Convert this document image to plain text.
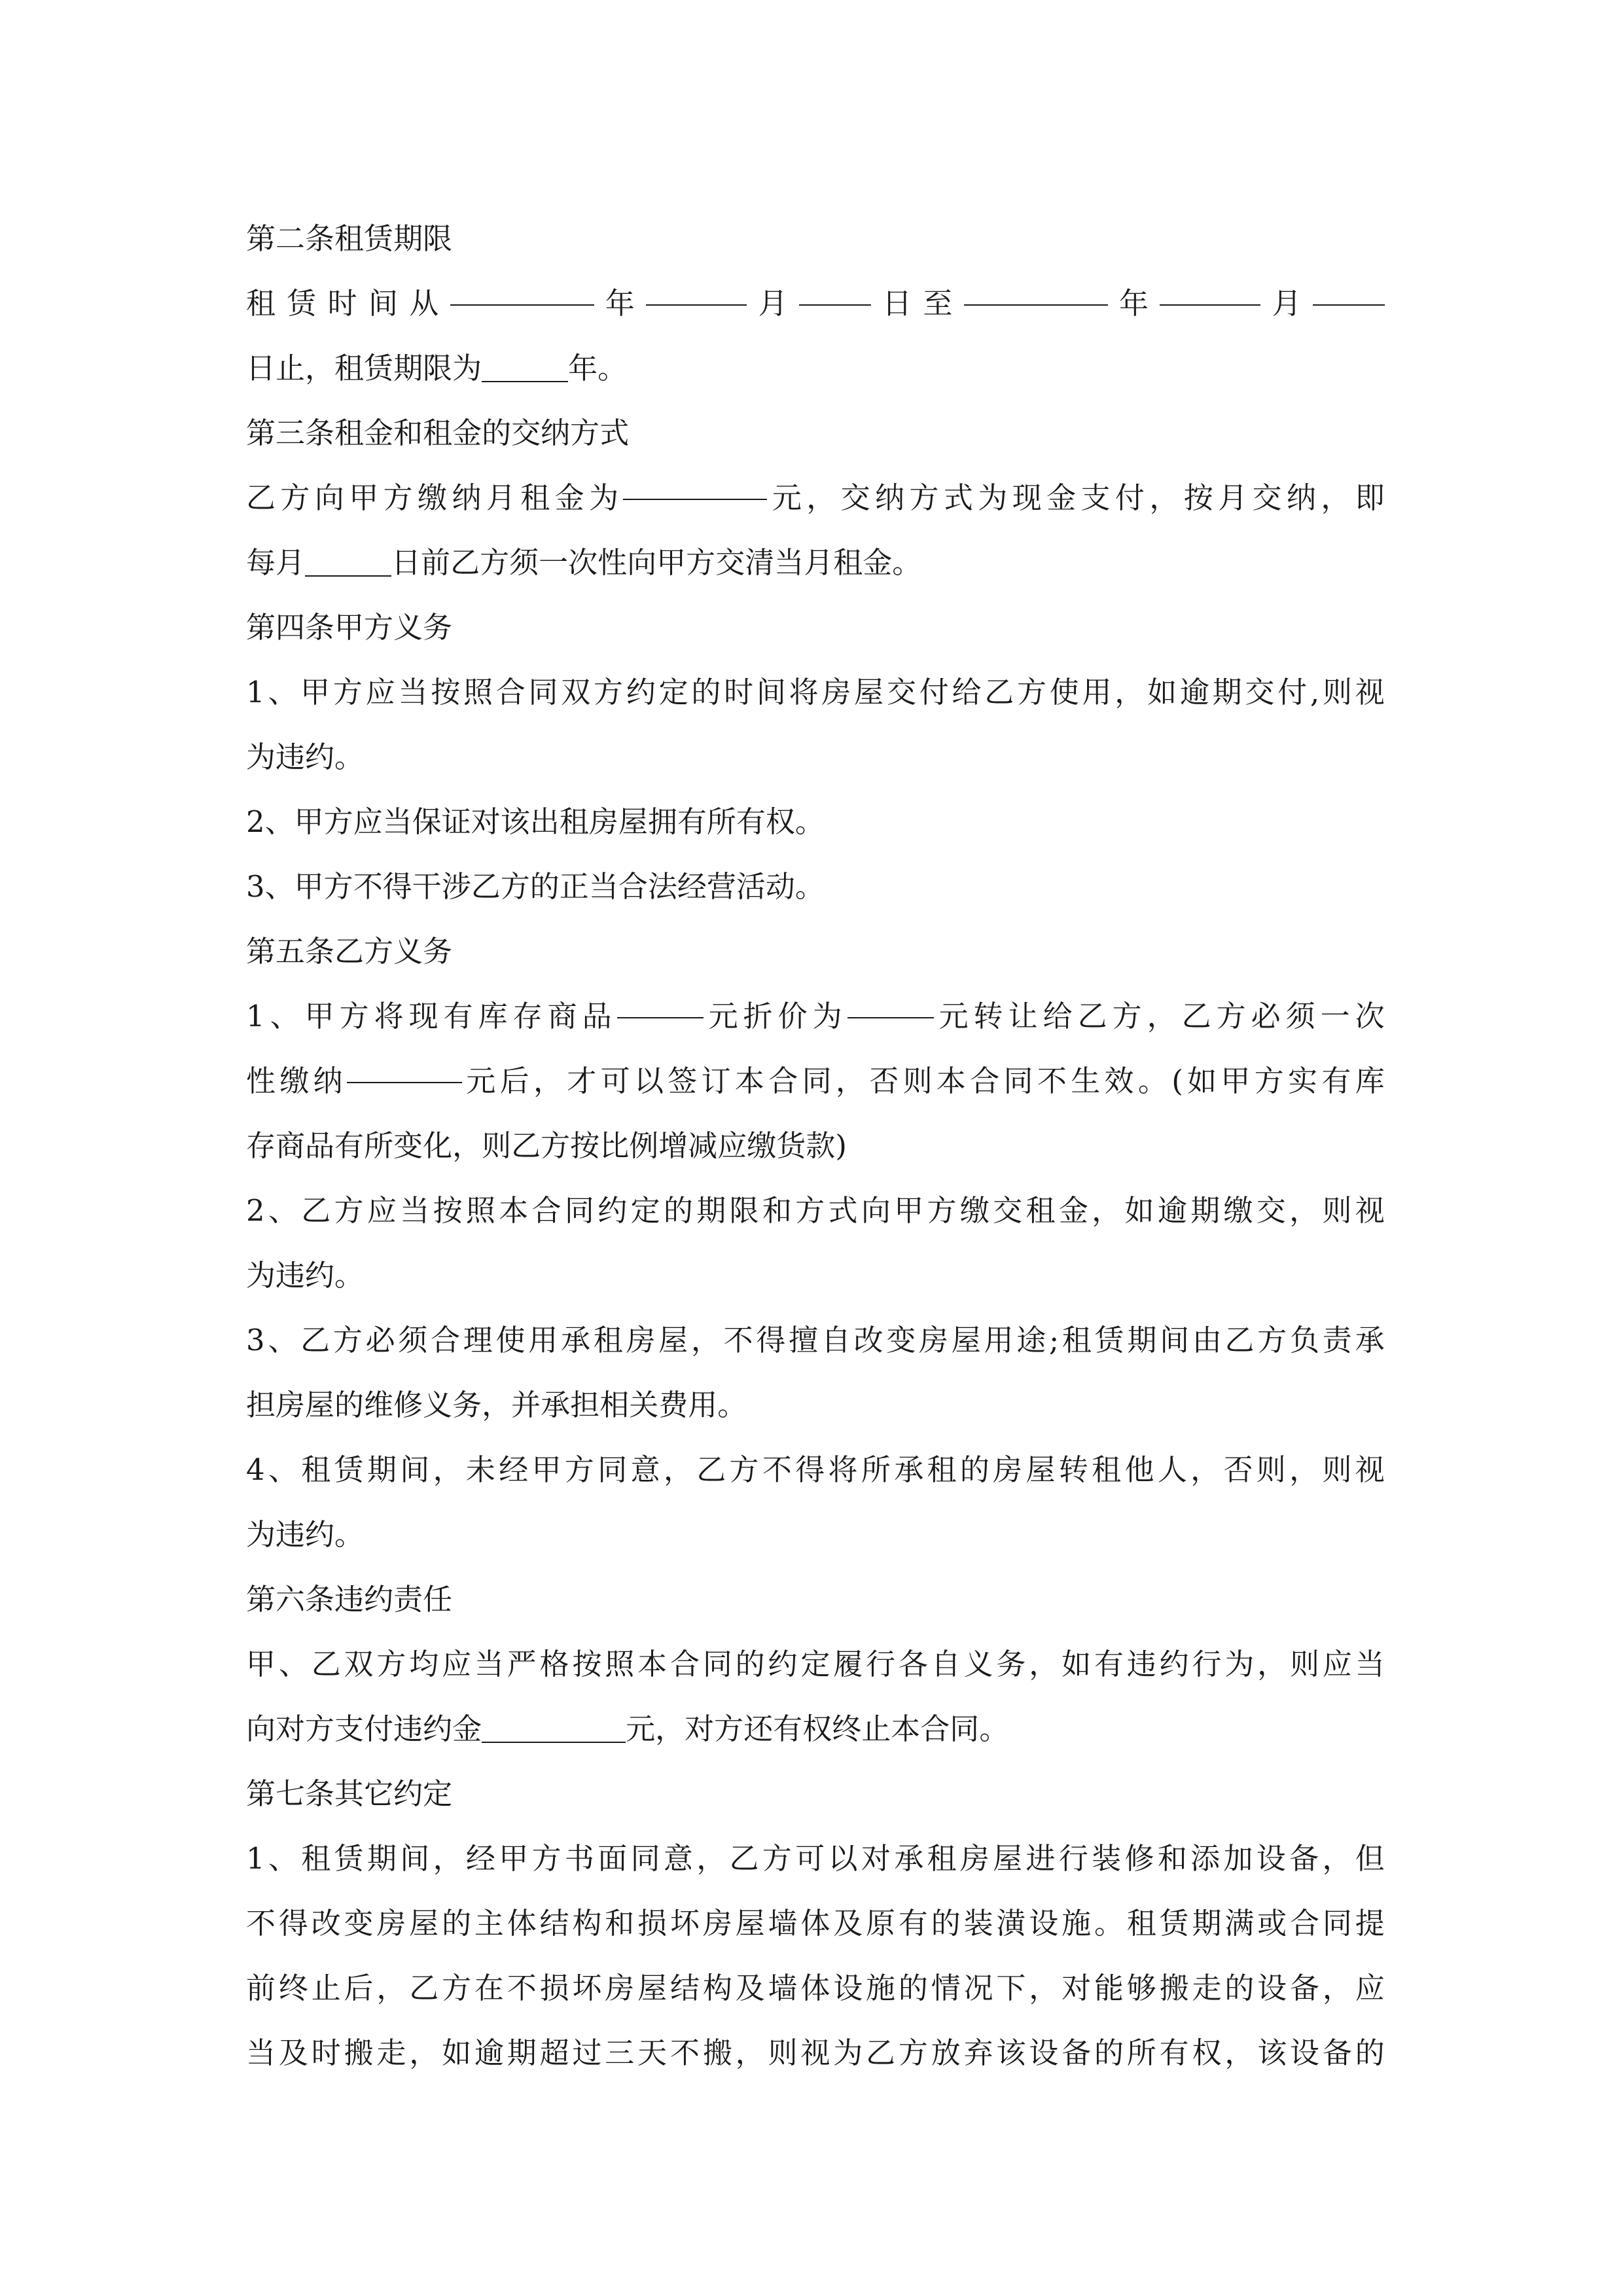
第二条租赁期限
租 赁 时 间 从	年	月	日 至	年	月
日止，租赁期限为	年。
第三条租金和租金的交纳方式
乙 方 向 甲 方 缴 纳 月 租 金 为	元 ， 交 纳 方 式 为 现 金 支 付 ， 按 月 交 纳 ， 即
每月	日前乙方须一次性向甲方交清当月租金。
第四条甲方义务
1 、 甲 方 应 当 按 照 合 同 双 方 约 定 的 时 间 将 房 屋 交 付 给 乙 方 使 用 ， 如 逾 期 交 付 , 则 视
为违约。
2、甲方应当保证对该出租房屋拥有所有权。
3、甲方不得干涉乙方的正当合法经营活动。
第五条乙方义务
1 、 甲 方 将 现 有 库 存 商 品	元 折 价 为	元 转 让 给 乙 方 ， 乙 方 必 须 一 次
性 缴 纳	元 后 ， 才 可 以 签 订 本 合 同 ， 否 则 本 合 同 不 生 效 。 ( 如 甲 方 实 有 库
存商品有所变化，则乙方按比例增减应缴货款)
2 、 乙 方 应 当 按 照 本 合 同 约 定 的 期 限 和 方 式 向 甲 方 缴 交 租 金 ， 如 逾 期 缴 交 ， 则 视
为违约。
3 、 乙 方 必 须 合 理 使 用 承 租 房 屋 ， 不 得 擅 自 改 变 房 屋 用 途 ; 租 赁 期 间 由 乙 方 负 责 承
担房屋的维修义务，并承担相关费用。
4 、 租 赁 期 间 ， 未 经 甲 方 同 意 ， 乙 方 不 得 将 所 承 租 的 房 屋 转 租 他 人 ， 否 则 ， 则 视
为违约。
第六条违约责任
甲 、 乙 双 方 均 应 当 严 格 按 照 本 合 同 的 约 定 履 行 各 自 义 务 ， 如 有 违 约 行 为 ， 则 应 当
向对方支付违约金	元，对方还有权终止本合同。
第七条其它约定
1 、 租 赁 期 间 ， 经 甲 方 书 面 同 意 ， 乙 方 可 以 对 承 租 房 屋 进 行 装 修 和 添 加 设 备 ， 但
不 得 改 变 房 屋 的 主 体 结 构 和 损 坏 房 屋 墙 体 及 原 有 的 装 潢 设 施 。 租 赁 期 满 或 合 同 提
前 终 止 后 ， 乙 方 在 不 损 坏 房 屋 结 构 及 墙 体 设 施 的 情 况 下 ， 对 能 够 搬 走 的 设 备 ， 应
当 及 时 搬 走 ， 如 逾 期 超 过 三 天 不 搬 ， 则 视 为 乙 方 放 弃 该 设 备 的 所 有 权 ， 该 设 备 的
